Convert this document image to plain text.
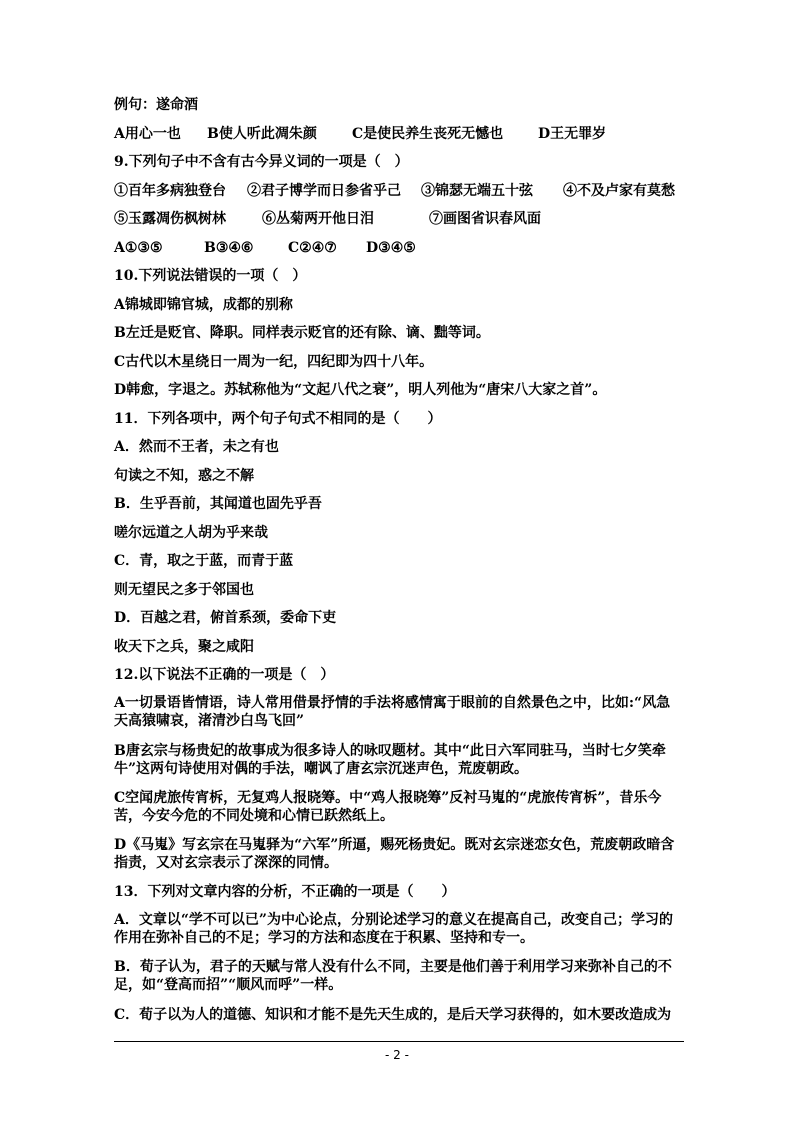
例句：遂命酒

A用心一也	B使人听此凋朱颜	C是使民养生丧死无憾也	D王无罪岁

9.下列句子中不含有古今异义词的一项是（　）

①百年多病独登台	②君子博学而日参省乎己	③锦瑟无端五十弦	④不及卢家有莫愁
⑤玉露凋伤枫树林	⑥丛菊两开他日泪	⑦画图省识春风面
A①③⑤	B③④⑥	C②④⑦	D③④⑤

10.下列说法错误的一项（　）

A锦城即锦官城，成都的别称

B左迁是贬官、降职。同样表示贬官的还有除、谪、黜等词。

C古代以木星绕日一周为一纪，四纪即为四十八年。

D韩愈，字退之。苏轼称他为“文起八代之衰”，明人列他为“唐宋八大家之首”。

11．下列各项中，两个句子句式不相同的是（　　）

A．然而不王者，未之有也

句读之不知，惑之不解

B．生乎吾前，其闻道也固先乎吾

嗟尔远道之人胡为乎来哉

C．青，取之于蓝，而青于蓝

则无望民之多于邻国也

D．百越之君，俯首系颈，委命下吏

收天下之兵，聚之咸阳

12.以下说法不正确的一项是（　）

A一切景语皆情语，诗人常用借景抒情的手法将感情寓于眼前的自然景色之中，比如:“风急天高猿啸哀，渚清沙白鸟飞回”

B唐玄宗与杨贵妃的故事成为很多诗人的咏叹题材。其中“此日六军同驻马，当时七夕笑牵牛”这两句诗使用对偶的手法，嘲讽了唐玄宗沉迷声色，荒废朝政。

C空闻虎旅传宵柝，无复鸡人报晓筹。中“鸡人报晓筹”反衬马嵬的“虎旅传宵柝”，昔乐今苦，今安今危的不同处境和心情已跃然纸上。

D《马嵬》写玄宗在马嵬驿为“六军”所逼，赐死杨贵妃。既对玄宗迷恋女色，荒废朝政暗含指责，又对玄宗表示了深深的同情。

13．下列对文章内容的分析，不正确的一项是（　　）

A．文章以“学不可以已”为中心论点，分别论述学习的意义在提高自己，改变自己；学习的作用在弥补自己的不足；学习的方法和态度在于积累、坚持和专一。

B．荀子认为，君子的天赋与常人没有什么不同，主要是他们善于利用学习来弥补自己的不足，如“登高而招”“顺风而呼”一样。

C．荀子以为人的道德、知识和才能不是先天生成的，是后天学习获得的，如木要改造成为

- 2 -
